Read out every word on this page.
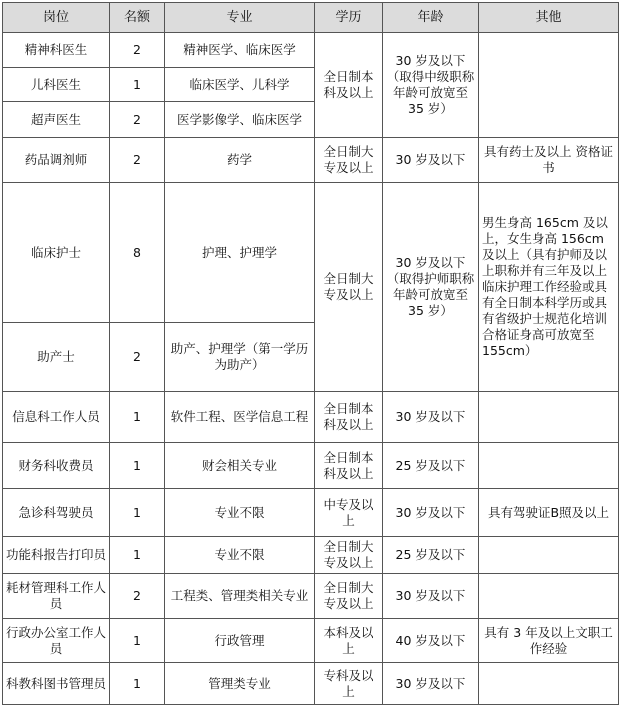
岗位	名额	专业	学历	年龄	其他
精神科医生	2	精神医学、临床医学	全日制本科及以上	30 岁及以下（取得中级职称年龄可放宽至 35 岁）	
儿科医生	1	临床医学、儿科学			
超声医生	2	医学影像学、临床医学			
药品调剂师	2	药学	全日制大专及以上	30 岁及以下	具有药士及以上 资格证书
临床护士	8	护理、护理学	全日制大专及以上	30 岁及以下（取得护师职称年龄可放宽至 35 岁）	男生身高 165cm 及以上，女生身高 156cm 及以上（具有护师及以上职称并有三年及以上临床护理工作经验或具有全日制本科学历或具有省级护士规范化培训合格证身高可放宽至 155cm）
助产士	2	助产、护理学（第一学历为助产）			
信息科工作人员	1	软件工程、医学信息工程	全日制本科及以上	30 岁及以下	
财务科收费员	1	财会相关专业	全日制本科及以上	25 岁及以下	
急诊科驾驶员	1	专业不限	中专及以上	30 岁及以下	具有驾驶证B照及以上
功能科报告打印员	1	专业不限	全日制大专及以上	25 岁及以下	
耗材管理科工作人员	2	工程类、管理类相关专业	全日制大专及以上	30 岁及以下	
行政办公室工作人员	1	行政管理	本科及以上	40 岁及以下	具有 3 年及以上文职工作经验
科教科图书管理员	1	管理类专业	专科及以上	30 岁及以下	
